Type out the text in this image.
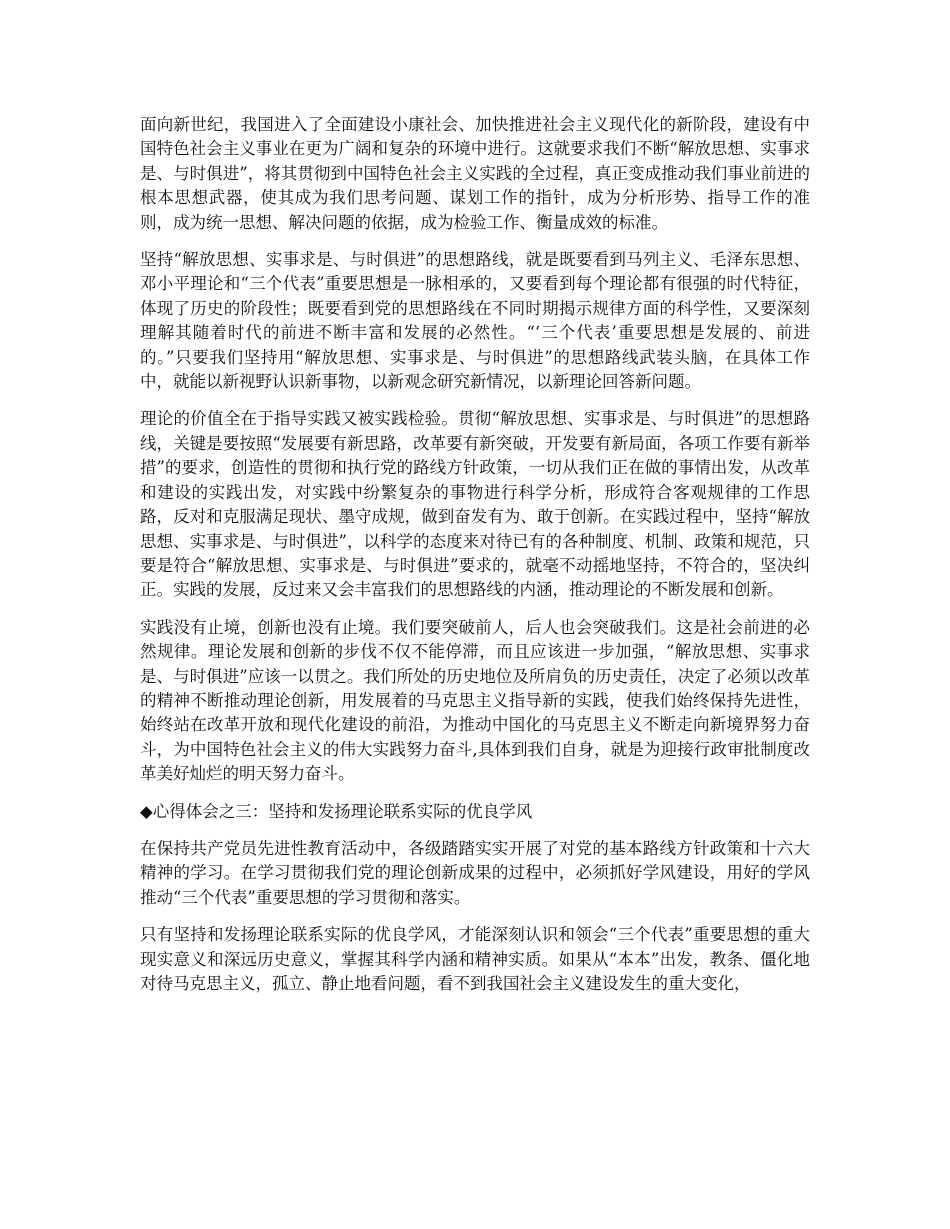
面向新世纪，我国进入了全面建设小康社会、加快推进社会主义现代化的新阶段，建设有中国特色社会主义事业在更为广阔和复杂的环境中进行。这就要求我们不断“解放思想、实事求是、与时俱进”，将其贯彻到中国特色社会主义实践的全过程，真正变成推动我们事业前进的根本思想武器，使其成为我们思考问题、谋划工作的指针，成为分析形势、指导工作的准则，成为统一思想、解决问题的依据，成为检验工作、衡量成效的标准。

坚持“解放思想、实事求是、与时俱进”的思想路线，就是既要看到马列主义、毛泽东思想、邓小平理论和“三个代表”重要思想是一脉相承的，又要看到每个理论都有很强的时代特征，体现了历史的阶段性；既要看到党的思想路线在不同时期揭示规律方面的科学性，又要深刻理解其随着时代的前进不断丰富和发展的必然性。“‘三个代表’重要思想是发展的、前进的。”只要我们坚持用“解放思想、实事求是、与时俱进”的思想路线武装头脑，在具体工作中，就能以新视野认识新事物，以新观念研究新情况，以新理论回答新问题。

理论的价值全在于指导实践又被实践检验。贯彻“解放思想、实事求是、与时俱进”的思想路线，关键是要按照“发展要有新思路，改革要有新突破，开发要有新局面，各项工作要有新举措”的要求，创造性的贯彻和执行党的路线方针政策，一切从我们正在做的事情出发，从改革和建设的实践出发，对实践中纷繁复杂的事物进行科学分析，形成符合客观规律的工作思路，反对和克服满足现状、墨守成规，做到奋发有为、敢于创新。在实践过程中，坚持“解放思想、实事求是、与时俱进”，以科学的态度来对待已有的各种制度、机制、政策和规范，只要是符合“解放思想、实事求是、与时俱进”要求的，就毫不动摇地坚持，不符合的，坚决纠正。实践的发展，反过来又会丰富我们的思想路线的内涵，推动理论的不断发展和创新。

实践没有止境，创新也没有止境。我们要突破前人，后人也会突破我们。这是社会前进的必然规律。理论发展和创新的步伐不仅不能停滞，而且应该进一步加强，“解放思想、实事求是、与时俱进”应该一以贯之。我们所处的历史地位及所肩负的历史责任，决定了必须以改革的精神不断推动理论创新，用发展着的马克思主义指导新的实践，使我们始终保持先进性，始终站在改革开放和现代化建设的前沿，为推动中国化的马克思主义不断走向新境界努力奋斗，为中国特色社会主义的伟大实践努力奋斗,具体到我们自身，就是为迎接行政审批制度改革美好灿烂的明天努力奋斗。

◆心得体会之三：坚持和发扬理论联系实际的优良学风

在保持共产党员先进性教育活动中，各级踏踏实实开展了对党的基本路线方针政策和十六大精神的学习。在学习贯彻我们党的理论创新成果的过程中，必须抓好学风建设，用好的学风推动“三个代表”重要思想的学习贯彻和落实。

只有坚持和发扬理论联系实际的优良学风，才能深刻认识和领会“三个代表”重要思想的重大现实意义和深远历史意义，掌握其科学内涵和精神实质。如果从“本本”出发，教条、僵化地对待马克思主义，孤立、静止地看问题，看不到我国社会主义建设发生的重大变化，
